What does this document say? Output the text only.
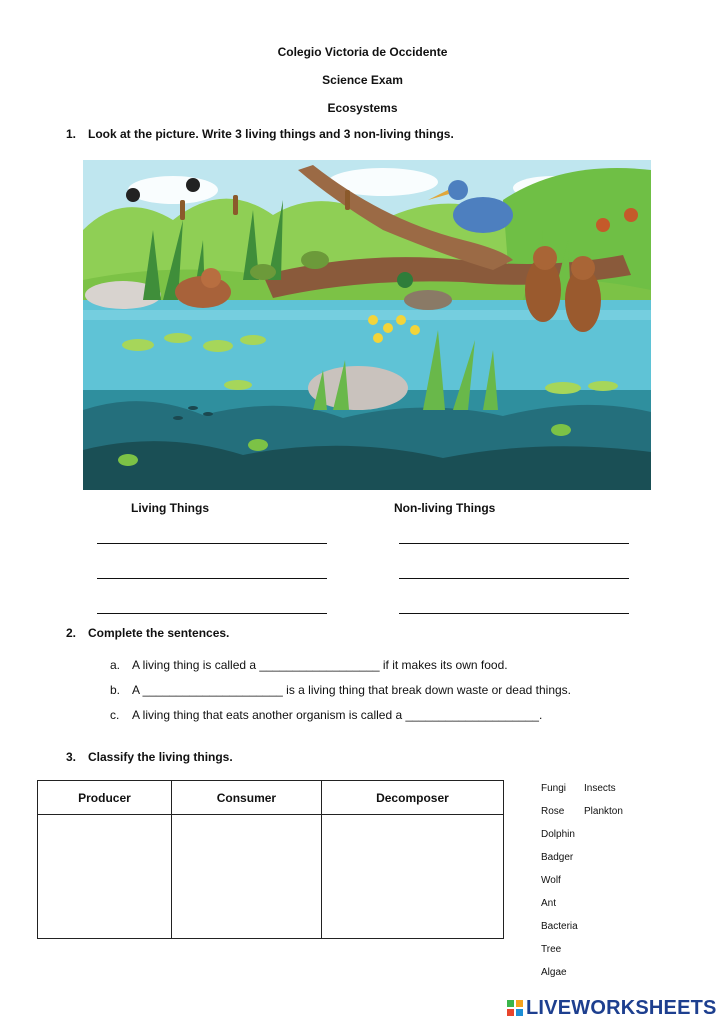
Colegio Victoria de Occidente
Science Exam
Ecosystems
1. Look at the picture. Write 3 living things and 3 non-living things.
Living Things	Non-living Things
2. Complete the sentences.
a. A living thing is called a __________________ if it makes its own food.
b. A _____________________ is a living thing that break down waste or dead things.
c. A living thing that eats another organism is called a ____________________.
3. Classify the living things.
Producer	Consumer	Decomposer

Fungi
Rose
Dolphin
Badger
Wolf
Ant
Bacteria
Tree
Algae
Insects
Plankton
LIVEWORKSHEETS
